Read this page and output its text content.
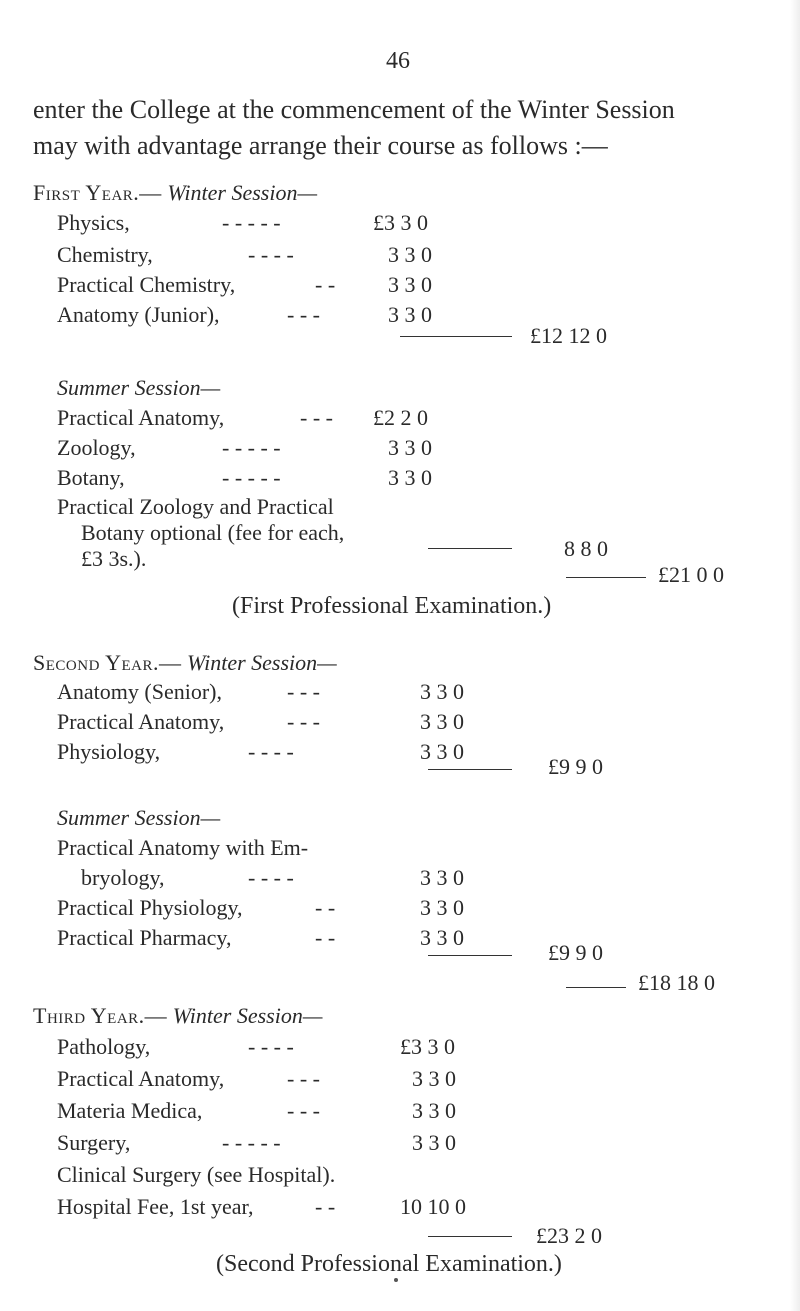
46
enter the College at the commencement of the Winter Session
may with advantage arrange their course as follows :—
First Year.— Winter Session—
Physics,	- - - - -	£3 3 0
Chemistry,	- - - -	3 3 0
Practical Chemistry,	- - 3 3 0
Anatomy (Junior),	- - -	3 3 0
£12 12 0
Summer Session—
Practical Anatomy,	- - - £2 2 0
Zoology,	- - - - -	3 3 0
Botany,	- - - - -	3 3 0
Practical Zoology and Practical
Botany optional (fee for each,
£3 3s.).	8 8 0
£21 0 0
(First Professional Examination.)
Second Year.— Winter Session—
Anatomy (Senior),	- - -	3 3 0
Practical Anatomy,	- - -	3 3 0
Physiology,	- - - -	3 3 0
£9 9 0
Summer Session—
Practical Anatomy with Em-
bryology,	- - - -	3 3 0
Practical Physiology,	- -	3 3 0
Practical Pharmacy,	- -	3 3 0
£9 9 0
£18 18 0
Third Year.— Winter Session—
Pathology,	- - - -	£3 3 0
Practical Anatomy,	- - -	3 3 0
Materia Medica,	- - -	3 3 0
Surgery,	- - - - -	3 3 0
Clinical Surgery (see Hospital).
Hospital Fee, 1st year,	- -	10 10 0
£23 2 0
(Second Professional Examination.)
